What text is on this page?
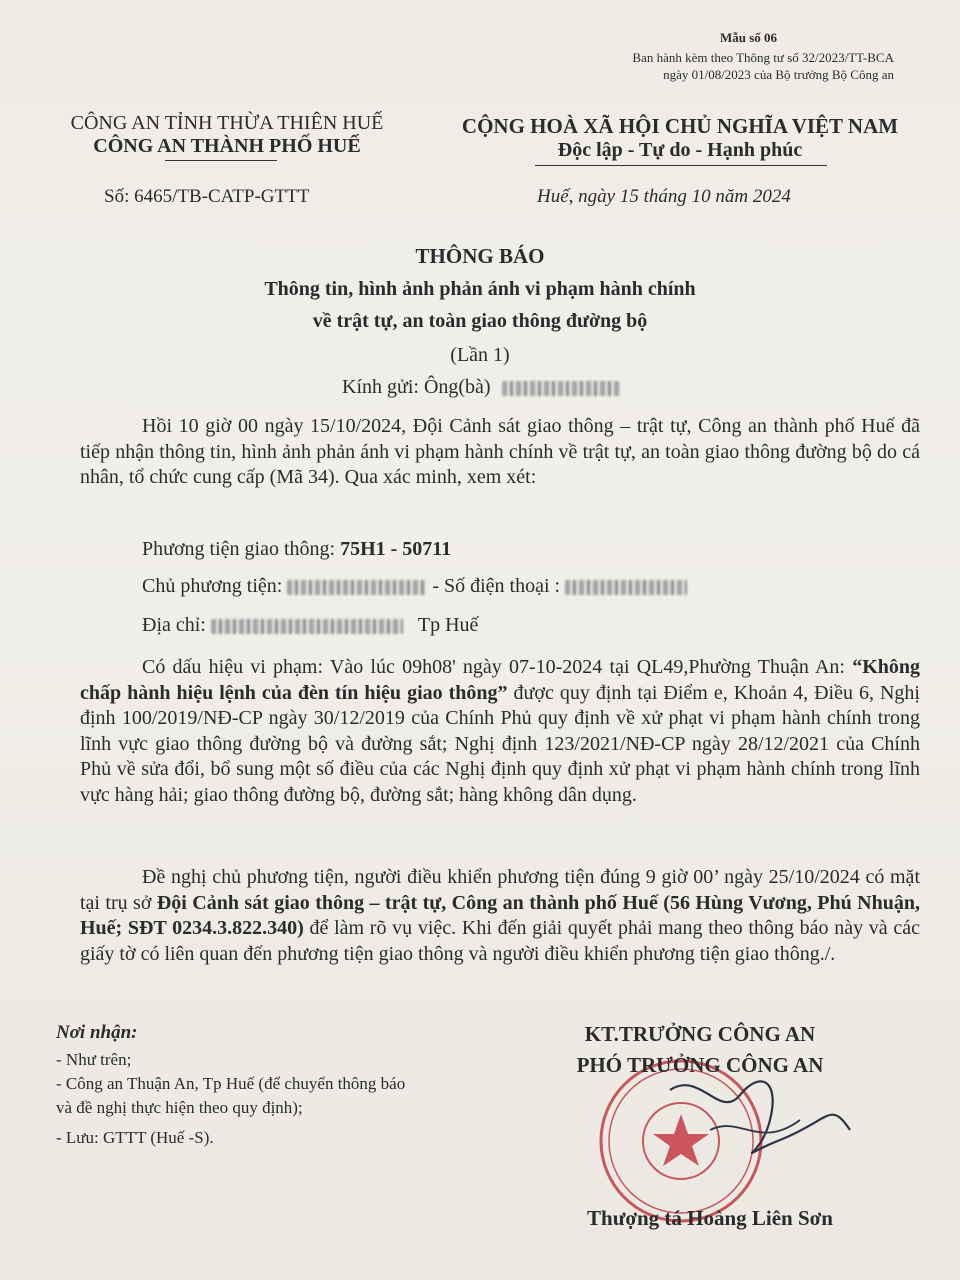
Mẫu số 06
Ban hành kèm theo Thông tư số 32/2023/TT-BCA
ngày 01/08/2023 của Bộ trưởng Bộ Công an
CÔNG AN TỈNH THỪA THIÊN HUẾ
CÔNG AN THÀNH PHỐ HUẾ
Số: 6465/TB-CATP-GTTT
CỘNG HOÀ XÃ HỘI CHỦ NGHĨA VIỆT NAM
Độc lập - Tự do - Hạnh phúc
Huế, ngày 15 tháng 10 năm 2024
THÔNG BÁO
Thông tin, hình ảnh phản ánh vi phạm hành chính
về trật tự, an toàn giao thông đường bộ
(Lần 1)
Kính gửi: Ông(bà)
Hồi 10 giờ 00 ngày 15/10/2024, Đội Cảnh sát giao thông – trật tự, Công an thành phố Huế đã tiếp nhận thông tin, hình ảnh phản ánh vi phạm hành chính về trật tự, an toàn giao thông đường bộ do cá nhân, tổ chức cung cấp (Mã 34). Qua xác minh, xem xét:
Phương tiện giao thông: 75H1 - 50711
Chủ phương tiện:	- Số điện thoại :
Địa chỉ:	Tp Huế
Có dấu hiệu vi phạm: Vào lúc 09h08' ngày 07-10-2024 tại QL49,Phường Thuận An: “Không chấp hành hiệu lệnh của đèn tín hiệu giao thông” được quy định tại Điểm e, Khoản 4, Điều 6, Nghị định 100/2019/NĐ-CP ngày 30/12/2019 của Chính Phủ quy định về xử phạt vi phạm hành chính trong lĩnh vực giao thông đường bộ và đường sắt; Nghị định 123/2021/NĐ-CP ngày 28/12/2021 của Chính Phủ về sửa đổi, bổ sung một số điều của các Nghị định quy định xử phạt vi phạm hành chính trong lĩnh vực hàng hải; giao thông đường bộ, đường sắt; hàng không dân dụng.
Đề nghị chủ phương tiện, người điều khiển phương tiện đúng 9 giờ 00’ ngày 25/10/2024 có mặt tại trụ sở Đội Cảnh sát giao thông – trật tự, Công an thành phố Huế (56 Hùng Vương, Phú Nhuận, Huế; SĐT 0234.3.822.340) để làm rõ vụ việc. Khi đến giải quyết phải mang theo thông báo này và các giấy tờ có liên quan đến phương tiện giao thông và người điều khiển phương tiện giao thông./.
Nơi nhận:
- Như trên;
- Công an Thuận An, Tp Huế (để chuyển thông báo
và đề nghị thực hiện theo quy định);
- Lưu: GTTT (Huế -S).
KT.TRƯỞNG CÔNG AN
PHÓ TRƯỞNG CÔNG AN
Thượng tá Hoàng Liên Sơn
